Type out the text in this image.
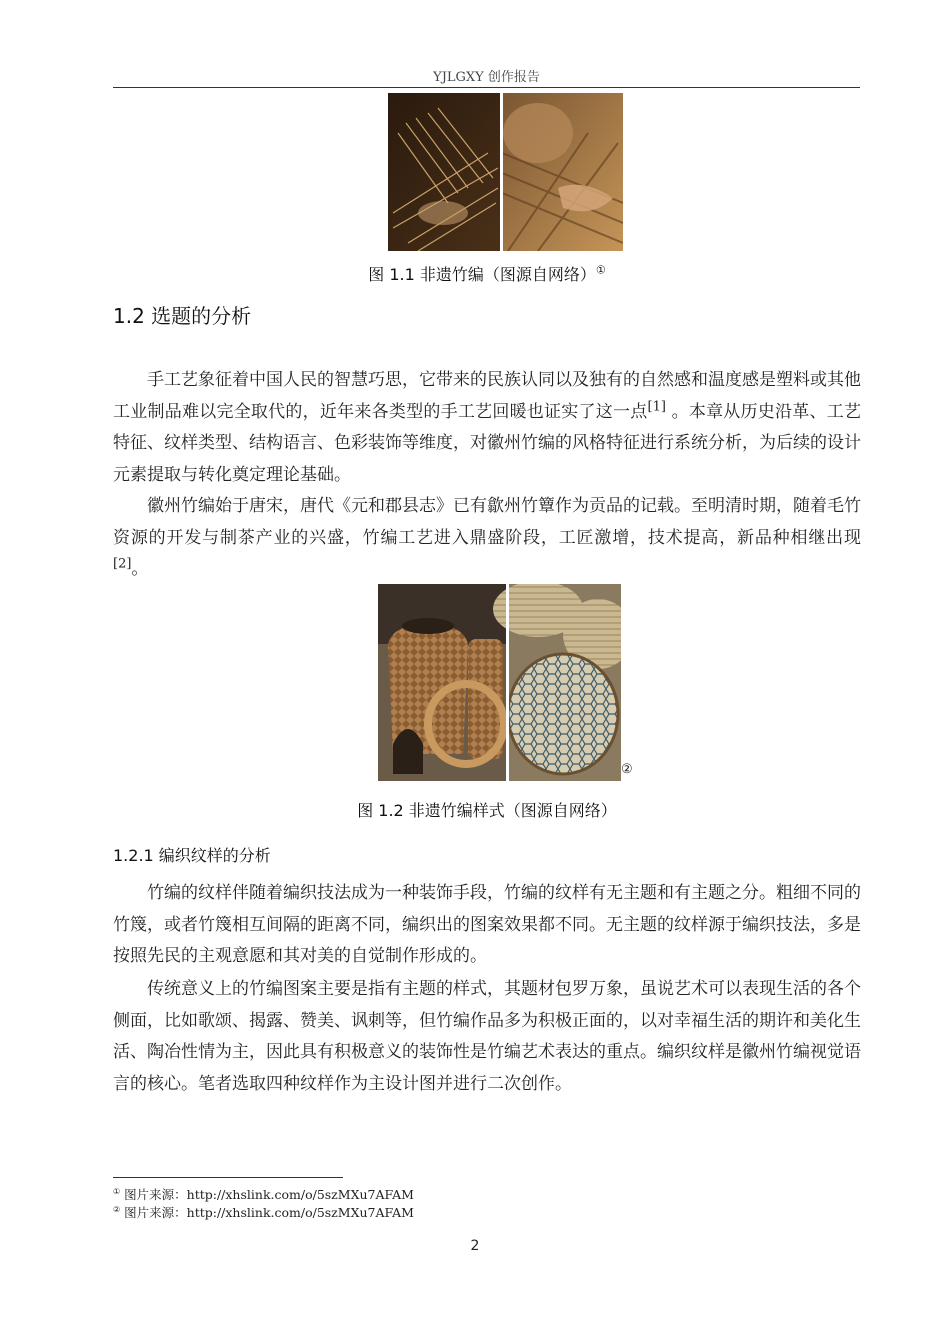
YJLGXY 创作报告
图 1.1 非遗竹编（图源自网络）①
1.2 选题的分析

手工艺象征着中国人民的智慧巧思，它带来的民族认同以及独有的自然感和温度感是塑料或其他工业制品难以完全取代的，近年来各类型的手工艺回暖也证实了这一点[1] 。本章从历史沿革、工艺特征、纹样类型、结构语言、色彩装饰等维度，对徽州竹编的风格特征进行系统分析，为后续的设计元素提取与转化奠定理论基础。

徽州竹编始于唐宋，唐代《元和郡县志》已有歙州竹簟作为贡品的记载。至明清时期，随着毛竹资源的开发与制茶产业的兴盛，竹编工艺进入鼎盛阶段，工匠激增，技术提高，新品种相继出现[2]。

②
图 1.2 非遗竹编样式（图源自网络）
1.2.1 编织纹样的分析

竹编的纹样伴随着编织技法成为一种装饰手段，竹编的纹样有无主题和有主题之分。粗细不同的竹篾，或者竹篾相互间隔的距离不同，编织出的图案效果都不同。无主题的纹样源于编织技法，多是按照先民的主观意愿和其对美的自觉制作形成的。

传统意义上的竹编图案主要是指有主题的样式，其题材包罗万象，虽说艺术可以表现生活的各个侧面，比如歌颂、揭露、赞美、讽刺等，但竹编作品多为积极正面的，以对幸福生活的期许和美化生活、陶冶性情为主，因此具有积极意义的装饰性是竹编艺术表达的重点。编织纹样是徽州竹编视觉语言的核心。笔者选取四种纹样作为主设计图并进行二次创作。

① 图片来源：http://xhslink.com/o/5szMXu7AFAM
② 图片来源：http://xhslink.com/o/5szMXu7AFAM
2
